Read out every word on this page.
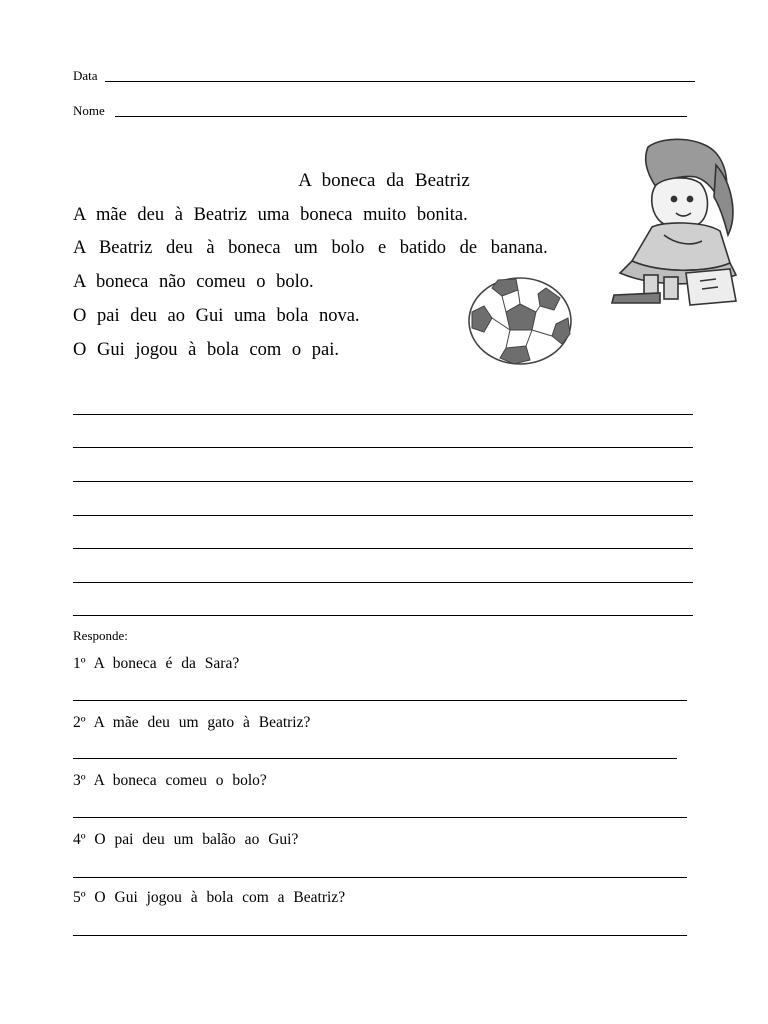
Data
Nome
A boneca da Beatriz
A mãe deu à Beatriz uma boneca muito bonita.
A Beatriz deu à boneca um bolo e batido de banana.
A boneca não comeu o bolo.
O pai deu ao Gui uma bola nova.
O Gui jogou à bola com o pai.
Responde:
1º A boneca é da Sara?
2º A mãe deu um gato à Beatriz?
3º A boneca comeu o bolo?
4º O pai deu um balão ao Gui?
5º O Gui jogou à bola com a Beatriz?
